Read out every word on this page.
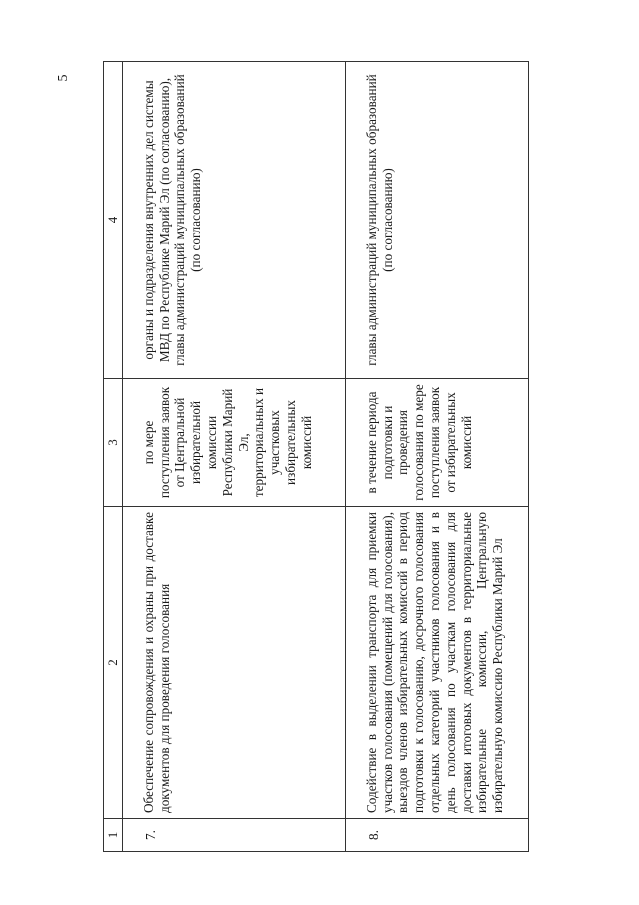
5
1	2	3	4
7.	Обеспечение сопровождения и охраны при доставке документов для проведения голосования	по мере поступления заявок от Центральной избирательной комиссии Республики Марий Эл, территориальных и участковых избирательных комиссий	органы и подразделения внутренних дел системы МВД по Республике Марий Эл (по согласованию), главы администраций муниципальных образований (по согласованию)
8.	Содействие в выделении транспорта для приемки участков голосования (помещений для голосования), выездов членов избирательных комиссий в период подготовки к голосованию, досрочного голосования отдельных категорий участников голосования и в день голосования по участкам голосования для доставки итоговых документов в территориальные избирательные комиссии, Центральную избирательную комиссию Республики Марий Эл	в течение периода подготовки и проведения голосования по мере поступления заявок от избирательных комиссий	главы администраций муниципальных образований (по согласованию)
